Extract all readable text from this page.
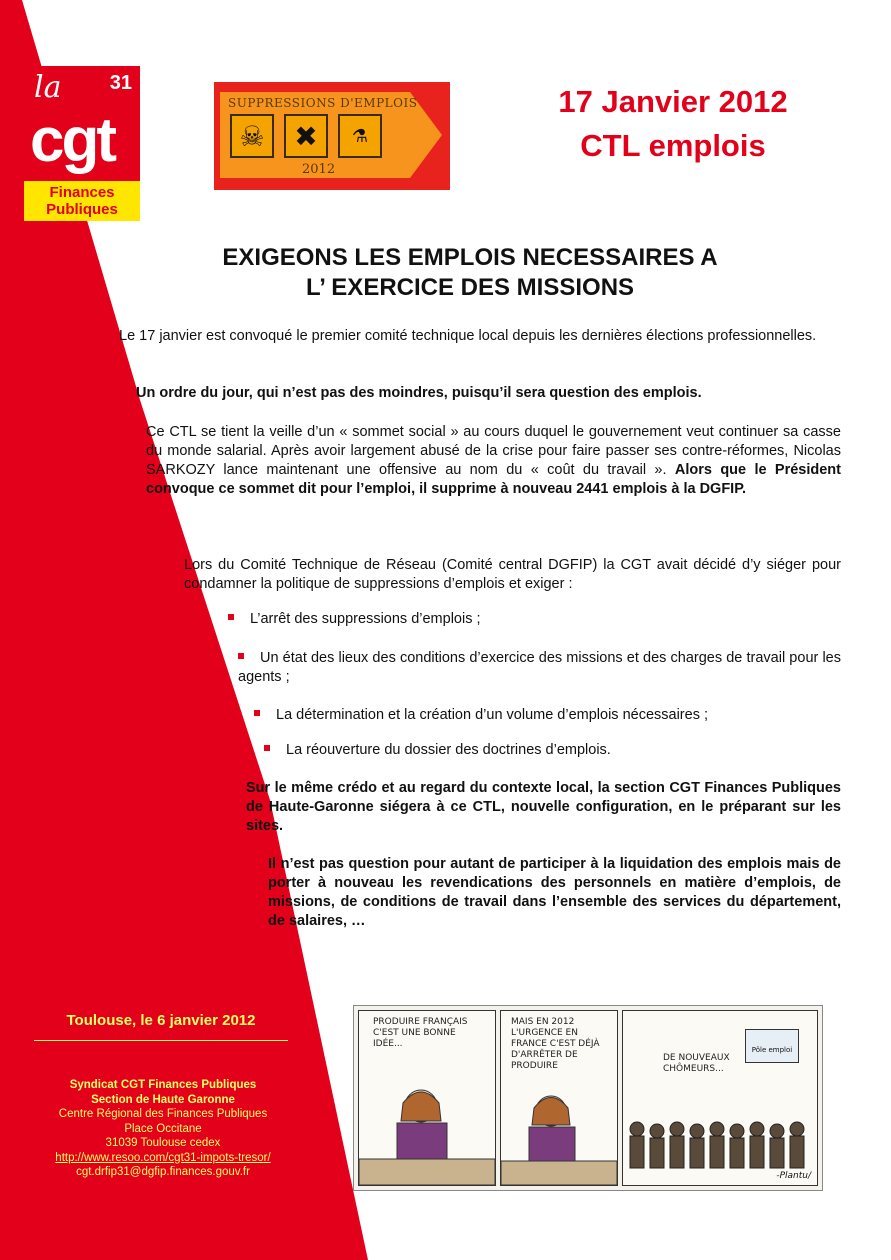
la 31
cgt
Finances
Publiques
SUPPRESSIONS D'EMPLOIS
☠	✖	⚗
2012
17 Janvier 2012
CTL emplois
EXIGEONS LES EMPLOIS NECESSAIRES A
L’ EXERCICE DES MISSIONS
Le 17 janvier est convoqué le premier comité technique local depuis les dernières élections professionnelles.
Un ordre du jour, qui n’est pas des moindres, puisqu’il sera question des emplois.
Ce CTL se tient la veille d’un « sommet social » au cours duquel le gouvernement veut continuer sa casse du monde salarial. Après avoir largement abusé de la crise pour faire passer ses contre-réformes, Nicolas SARKOZY lance maintenant une offensive au nom du « coût du travail ». Alors que le Président convoque ce sommet dit pour l’emploi, il supprime à nouveau 2441 emplois à la DGFIP.
Lors du Comité Technique de Réseau (Comité central DGFIP) la CGT avait décidé d’y siéger pour condamner la politique de suppressions d’emplois et exiger :
L’arrêt des suppressions d’emplois ;
Un état des lieux des conditions d’exercice des missions et des charges de travail pour les agents ;
La détermination et la création d’un volume d’emplois nécessaires ;
La réouverture du dossier des doctrines d’emplois.
Sur le même crédo et au regard du contexte local, la section CGT Finances Publiques de Haute-Garonne siégera à ce CTL, nouvelle configuration, en le préparant sur les sites.
Il n’est pas question pour autant de participer à la liquidation des emplois mais de porter à nouveau les revendications des personnels en matière d’emplois, de missions, de conditions de travail dans l’ensemble des services du département, de salaires, …
Toulouse, le 6 janvier 2012
Syndicat CGT Finances Publiques
Section de Haute Garonne
Centre Régional des Finances Publiques
Place Occitane
31039 Toulouse cedex
http://www.resoo.com/cgt31-impots-tresor/
cgt.drfip31@dgfip.finances.gouv.fr
PRODUIRE FRANÇAIS C'EST UNE BONNE IDÉE...
MAIS EN 2012 L'URGENCE EN FRANCE C'EST DÉJÀ D'ARRÊTER DE PRODUIRE
DE NOUVEAUX CHÔMEURS...
Pôle emploi
-Plantu/
